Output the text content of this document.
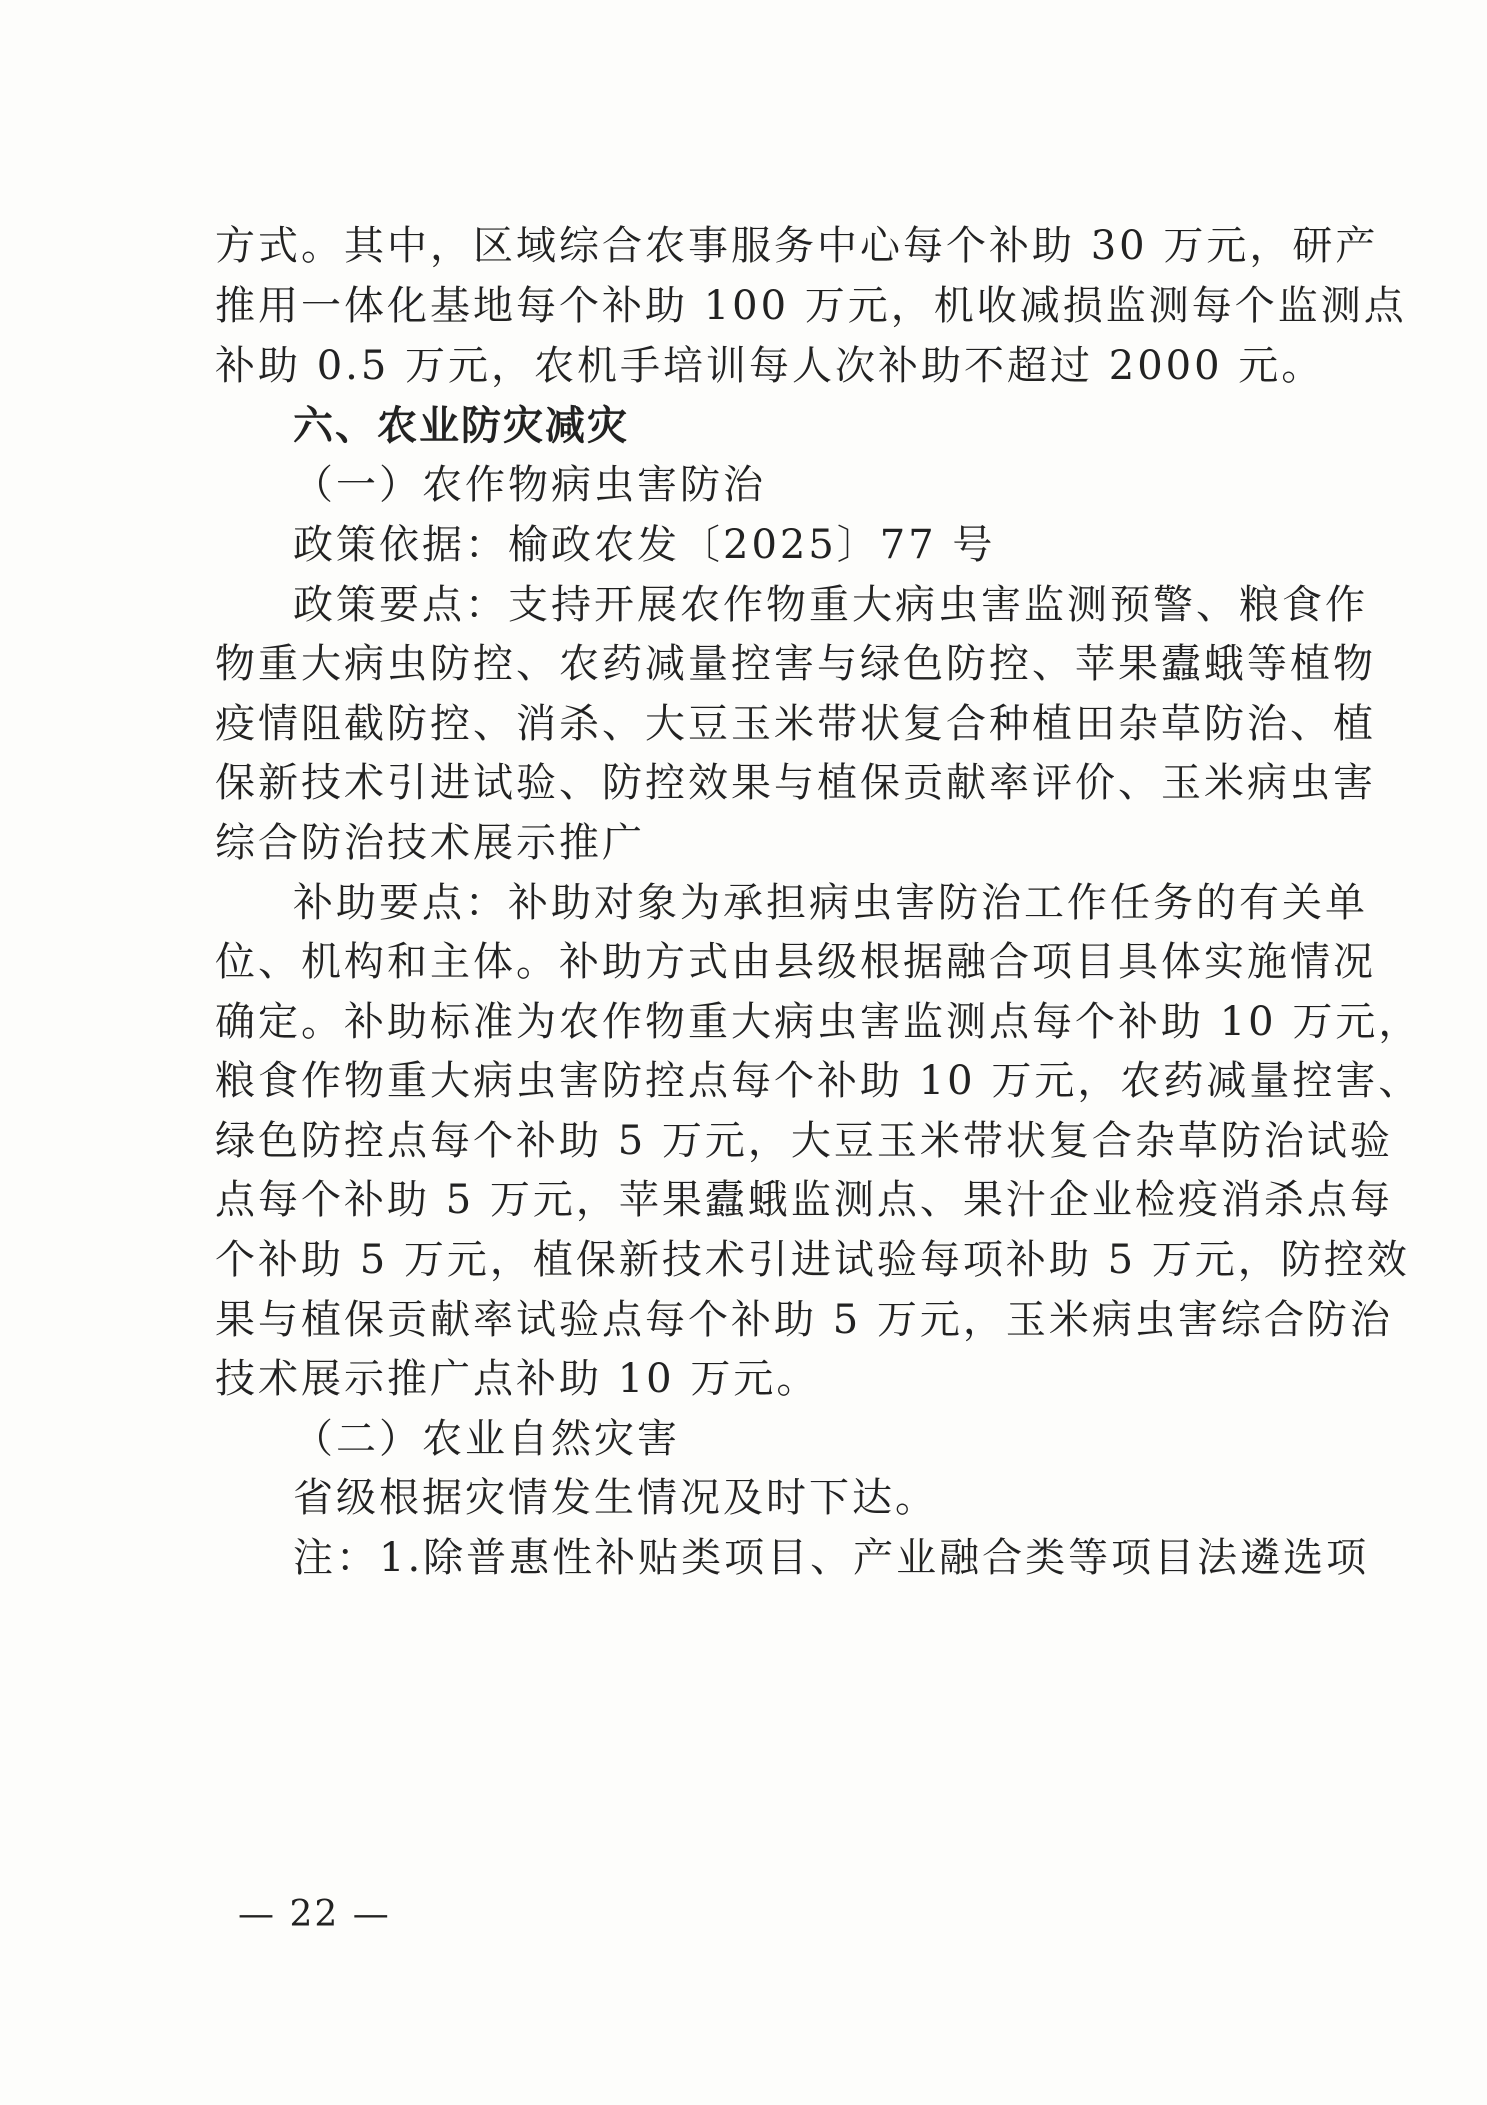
方式。其中，区域综合农事服务中心每个补助 30 万元，研产
推用一体化基地每个补助 100 万元，机收减损监测每个监测点
补助 0.5 万元，农机手培训每人次补助不超过 2000 元。
六、农业防灾减灾
（一）农作物病虫害防治
政策依据：榆政农发〔2025〕77 号
政策要点：支持开展农作物重大病虫害监测预警、粮食作
物重大病虫防控、农药减量控害与绿色防控、苹果蠹蛾等植物
疫情阻截防控、消杀、大豆玉米带状复合种植田杂草防治、植
保新技术引进试验、防控效果与植保贡献率评价、玉米病虫害
综合防治技术展示推广
补助要点：补助对象为承担病虫害防治工作任务的有关单
位、机构和主体。补助方式由县级根据融合项目具体实施情况
确定。补助标准为农作物重大病虫害监测点每个补助 10 万元，
粮食作物重大病虫害防控点每个补助 10 万元，农药减量控害、
绿色防控点每个补助 5 万元，大豆玉米带状复合杂草防治试验
点每个补助 5 万元，苹果蠹蛾监测点、果汁企业检疫消杀点每
个补助 5 万元，植保新技术引进试验每项补助 5 万元，防控效
果与植保贡献率试验点每个补助 5 万元，玉米病虫害综合防治
技术展示推广点补助 10 万元。
（二）农业自然灾害
省级根据灾情发生情况及时下达。
注：1.除普惠性补贴类项目、产业融合类等项目法遴选项
— 22 —
